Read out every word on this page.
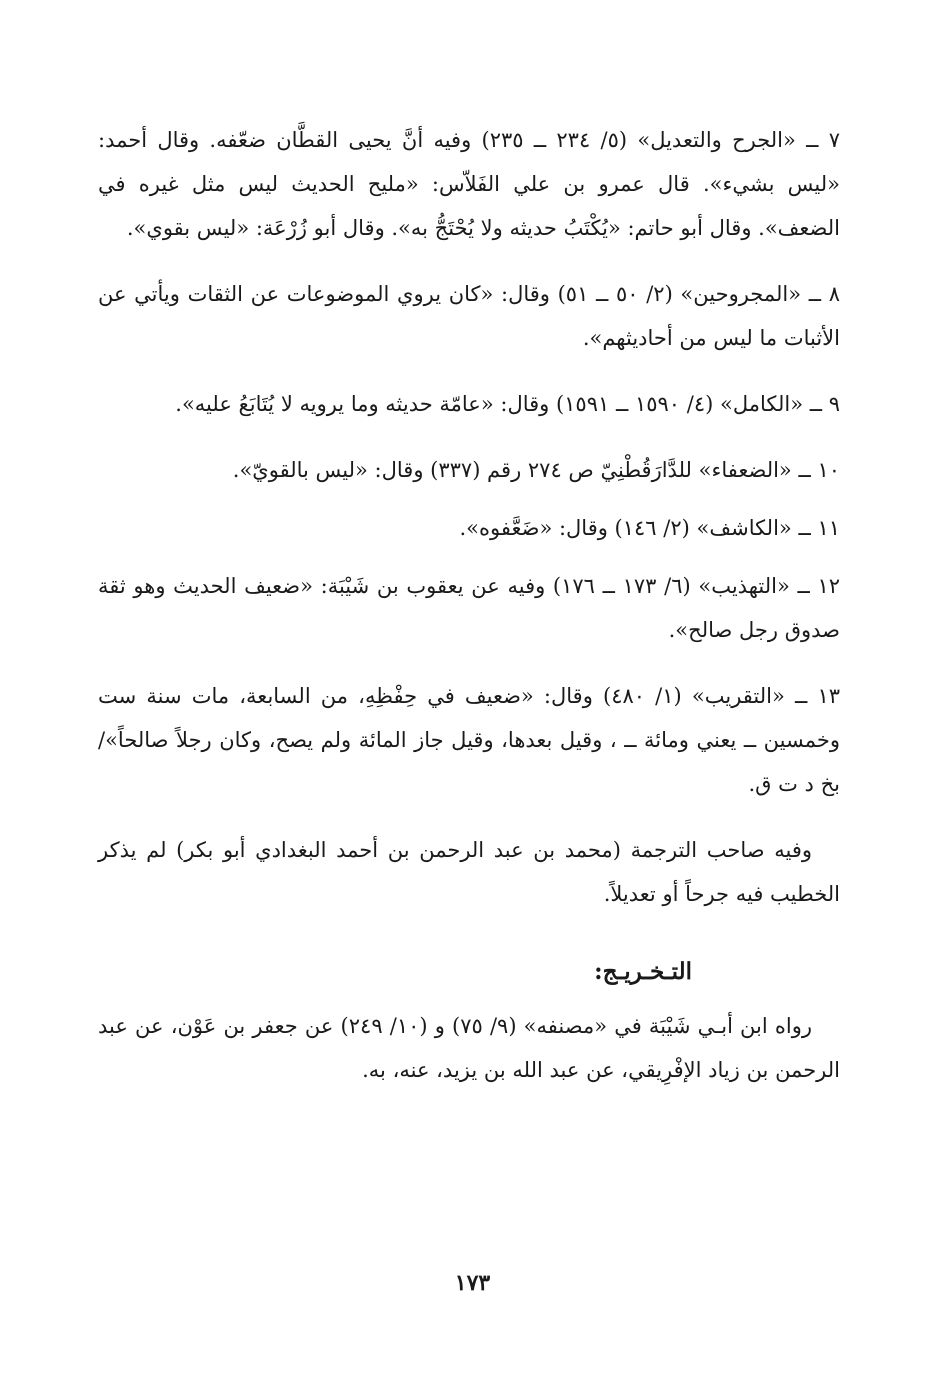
٧ ــ «الجرح والتعديل» (٥/ ٢٣٤ ــ ٢٣٥) وفيه أنَّ يحيى القطَّان ضعّفه. وقال أحمد: «ليس بشيء». قال عمرو بن علي الفَلاّس: «مليح الحديث ليس مثل غيره في الضعف». وقال أبو حاتم: «يُكْتَبُ حديثه ولا يُحْتَجُّ به». وقال أبو زُرْعَة: «ليس بقوي».

٨ ــ «المجروحين» (٢/ ٥٠ ــ ٥١) وقال: «كان يروي الموضوعات عن الثقات ويأتي عن الأثبات ما ليس من أحاديثهم».

٩ ــ «الكامل» (٤/ ١٥٩٠ ــ ١٥٩١) وقال: «عامّة حديثه وما يرويه لا يُتَابَعُ عليه».

١٠ ــ «الضعفاء» للدَّارَقُطْنِيّ ص ٢٧٤ رقم (٣٣٧) وقال: «ليس بالقويّ».

١١ ــ «الكاشف» (٢/ ١٤٦) وقال: «ضَعَّفوه».

١٢ ــ «التهذيب» (٦/ ١٧٣ ــ ١٧٦) وفيه عن يعقوب بن شَيْبَة: «ضعيف الحديث وهو ثقة صدوق رجل صالح».

١٣ ــ «التقريب» (١/ ٤٨٠) وقال: «ضعيف في حِفْظِهِ، من السابعة، مات سنة ست وخمسين ــ يعني ومائة ــ ، وقيل بعدها، وقيل جاز المائة ولم يصح، وكان رجلاً صالحاً»/ بخ د ت ق.

وفيه صاحب الترجمة (محمد بن عبد الرحمن بن أحمد البغدادي أبو بكر) لم يذكر الخطيب فيه جرحاً أو تعديلاً.

التـخـريـج:

رواه ابن أبـي شَيْبَة في «مصنفه» (٩/ ٧٥) و (١٠/ ٢٤٩) عن جعفر بن عَوْن، عن عبد الرحمن بن زياد الإفْرِيقي، عن عبد الله بن يزيد، عنه، به.

١٧٣
